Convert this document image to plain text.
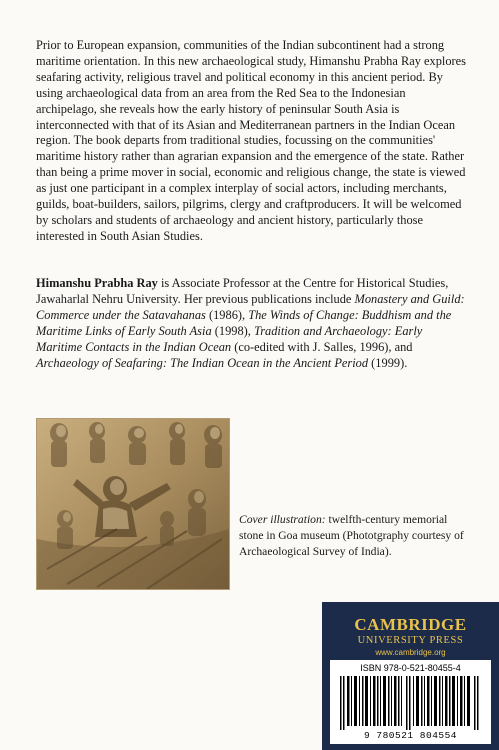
Prior to European expansion, communities of the Indian subcontinent had a strong maritime orientation. In this new archaeological study, Himanshu Prabha Ray explores seafaring activity, religious travel and political economy in this ancient period. By using archaeological data from an area from the Red Sea to the Indonesian archipelago, she reveals how the early history of peninsular South Asia is interconnected with that of its Asian and Mediterranean partners in the Indian Ocean region. The book departs from traditional studies, focussing on the communities' maritime history rather than agrarian expansion and the emergence of the state. Rather than being a prime mover in social, economic and religious change, the state is viewed as just one participant in a complex interplay of social actors, including merchants, guilds, boat-builders, sailors, pilgrims, clergy and craftproducers. It will be welcomed by scholars and students of archaeology and ancient history, particularly those interested in South Asian Studies.

Himanshu Prabha Ray is Associate Professor at the Centre for Historical Studies, Jawaharlal Nehru University. Her previous publications include Monastery and Guild: Commerce under the Satavahanas (1986), The Winds of Change: Buddhism and the Maritime Links of Early South Asia (1998), Tradition and Archaeology: Early Maritime Contacts in the Indian Ocean (co-edited with J. Salles, 1996), and Archaeology of Seafaring: The Indian Ocean in the Ancient Period (1999).

Cover illustration: twelfth-century memorial stone in Goa museum (Phototgraphy courtesy of Archaeological Survey of India).

CAMBRIDGE
UNIVERSITY PRESS
www.cambridge.org
ISBN 978-0-521-80455-4
9 780521 804554
